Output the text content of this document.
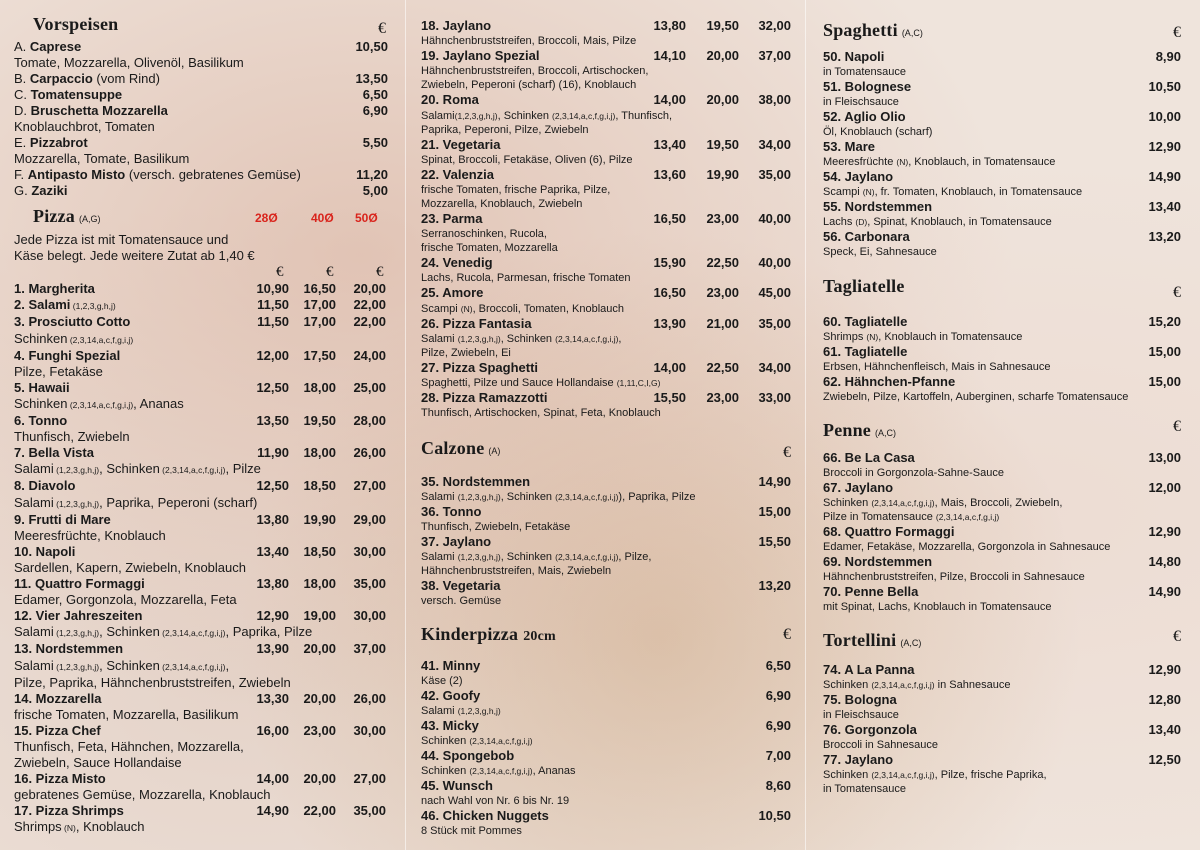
Vorspeisen	€
A. Caprese	10,50
Tomate, Mozzarella, Olivenöl, Basilikum
B. Carpaccio (vom Rind)	13,50
C. Tomatensuppe	6,50
D. Bruschetta Mozzarella	6,90
Knoblauchbrot, Tomaten
E. Pizzabrot	5,50
Mozzarella, Tomate, Basilikum
F. Antipasto Misto (versch. gebratenes Gemüse)	11,20
G. Zaziki	5,00
Pizza (A,G)	28Ø	40Ø 50Ø
Jede Pizza ist mit Tomatensauce und
Käse belegt. Jede weitere Zutat ab 1,40 €
€	€	€
1. Margherita	10,90	16,50	20,00
2. Salami (1,2,3,g,h,j)	11,50	17,00	22,00
3. Prosciutto Cotto	11,50	17,00	22,00
Schinken (2,3,14,a,c,f,g,i,j)
4. Funghi Spezial	12,00	17,50	24,00
Pilze, Fetakäse
5. Hawaii	12,50	18,00	25,00
Schinken (2,3,14,a,c,f,g,i,j), Ananas
6. Tonno	13,50	19,50	28,00
Thunfisch, Zwiebeln
7. Bella Vista	11,90	18,00	26,00
Salami (1,2,3,g,h,j), Schinken (2,3,14,a,c,f,g,i,j), Pilze
8. Diavolo	12,50	18,50	27,00
Salami (1,2,3,g,h,j), Paprika, Peperoni (scharf)
9. Frutti di Mare	13,80	19,90	29,00
Meeresfrüchte, Knoblauch
10. Napoli	13,40	18,50	30,00
Sardellen, Kapern, Zwiebeln, Knoblauch
11. Quattro Formaggi	13,80	18,00	35,00
Edamer, Gorgonzola, Mozzarella, Feta
12. Vier Jahreszeiten	12,90	19,00	30,00
Salami (1,2,3,g,h,j), Schinken (2,3,14,a,c,f,g,i,j), Paprika, Pilze
13. Nordstemmen	13,90	20,00	37,00
Salami (1,2,3,g,h,j), Schinken (2,3,14,a,c,f,g,i,j),
Pilze, Paprika, Hähnchenbruststreifen, Zwiebeln
14. Mozzarella	13,30	20,00	26,00
frische Tomaten, Mozzarella, Basilikum
15. Pizza Chef	16,00	23,00	30,00
Thunfisch, Feta, Hähnchen, Mozzarella,
Zwiebeln, Sauce Hollandaise
16. Pizza Misto	14,00	20,00	27,00
gebratenes Gemüse, Mozzarella, Knoblauch
17. Pizza Shrimps	14,90	22,00	35,00
Shrimps (N), Knoblauch
18. Jaylano	13,80	19,50	32,00
Hähnchenbruststreifen, Broccoli, Mais, Pilze
19. Jaylano Spezial	14,10	20,00	37,00
Hähnchenbruststreifen, Broccoli, Artischocken,
Zwiebeln, Peperoni (scharf) (16), Knoblauch
20. Roma	14,00	20,00	38,00
Salami(1,2,3,g,h,j), Schinken (2,3,14,a,c,f,g,i,j), Thunfisch,
Paprika, Peperoni, Pilze, Zwiebeln
21. Vegetaria	13,40	19,50	34,00
Spinat, Broccoli, Fetakäse, Oliven (6), Pilze
22. Valenzia	13,60	19,90	35,00
frische Tomaten, frische Paprika, Pilze,
Mozzarella, Knoblauch, Zwiebeln
23. Parma	16,50	23,00	40,00
Serranoschinken, Rucola,
frische Tomaten, Mozzarella
24. Venedig	15,90	22,50	40,00
Lachs, Rucola, Parmesan, frische Tomaten
25. Amore	16,50	23,00	45,00
Scampi (N), Broccoli, Tomaten, Knoblauch
26. Pizza Fantasia	13,90	21,00	35,00
Salami (1,2,3,g,h,j), Schinken (2,3,14,a,c,f,g,i,j),
Pilze, Zwiebeln, Ei
27. Pizza Spaghetti	14,00	22,50	34,00
Spaghetti, Pilze und Sauce Hollandaise (1,11,C,I,G)
28. Pizza Ramazzotti	15,50	23,00	33,00
Thunfisch, Artischocken, Spinat, Feta, Knoblauch
Calzone (A)	€
35. Nordstemmen	14,90
Salami (1,2,3,g,h,j), Schinken (2,3,14,a,c,f,g,i,j)), Paprika, Pilze
36. Tonno	15,00
Thunfisch, Zwiebeln, Fetakäse
37. Jaylano	15,50
Salami (1,2,3,g,h,j), Schinken (2,3,14,a,c,f,g,i,j), Pilze,
Hähnchenbruststreifen, Mais, Zwiebeln
38. Vegetaria	13,20
versch. Gemüse
Kinderpizza 20cm	€
41. Minny	6,50
Käse (2)
42. Goofy	6,90
Salami (1,2,3,g,h,j)
43. Micky	6,90
Schinken (2,3,14,a,c,f,g,i,j)
44. Spongebob	7,00
Schinken (2,3,14,a,c,f,g,i,j), Ananas
45. Wunsch	8,60
nach Wahl von Nr. 6 bis Nr. 19
46. Chicken Nuggets	10,50
8 Stück mit Pommes
Spaghetti (A,C)	€
50. Napoli	8,90
in Tomatensauce
51. Bolognese	10,50
in Fleischsauce
52. Aglio Olio	10,00
Öl, Knoblauch (scharf)
53. Mare	12,90
Meeresfrüchte (N), Knoblauch, in Tomatensauce
54. Jaylano	14,90
Scampi (N), fr. Tomaten, Knoblauch, in Tomatensauce
55. Nordstemmen	13,40
Lachs (D), Spinat, Knoblauch, in Tomatensauce
56. Carbonara	13,20
Speck, Ei, Sahnesauce
Tagliatelle	€
60. Tagliatelle	15,20
Shrimps (N), Knoblauch in Tomatensauce
61. Tagliatelle	15,00
Erbsen, Hähnchenfleisch, Mais in Sahnesauce
62. Hähnchen-Pfanne	15,00
Zwiebeln, Pilze, Kartoffeln, Auberginen, scharfe Tomatensauce
Penne (A,C)	€
66. Be La Casa	13,00
Broccoli in Gorgonzola-Sahne-Sauce
67. Jaylano	12,00
Schinken (2,3,14,a,c,f,g,i,j), Mais, Broccoli, Zwiebeln,
Pilze in Tomatensauce (2,3,14,a,c,f,g,i,j)
68. Quattro Formaggi	12,90
Edamer, Fetakäse, Mozzarella, Gorgonzola in Sahnesauce
69. Nordstemmen	14,80
Hähnchenbruststreifen, Pilze, Broccoli in Sahnesauce
70. Penne Bella	14,90
mit Spinat, Lachs, Knoblauch in Tomatensauce
Tortellini (A,C)	€
74. A La Panna	12,90
Schinken (2,3,14,a,c,f,g,i,j) in Sahnesauce
75. Bologna	12,80
in Fleischsauce
76. Gorgonzola	13,40
Broccoli in Sahnesauce
77. Jaylano	12,50
Schinken (2,3,14,a,c,f,g,i,j), Pilze, frische Paprika,
in Tomatensauce
